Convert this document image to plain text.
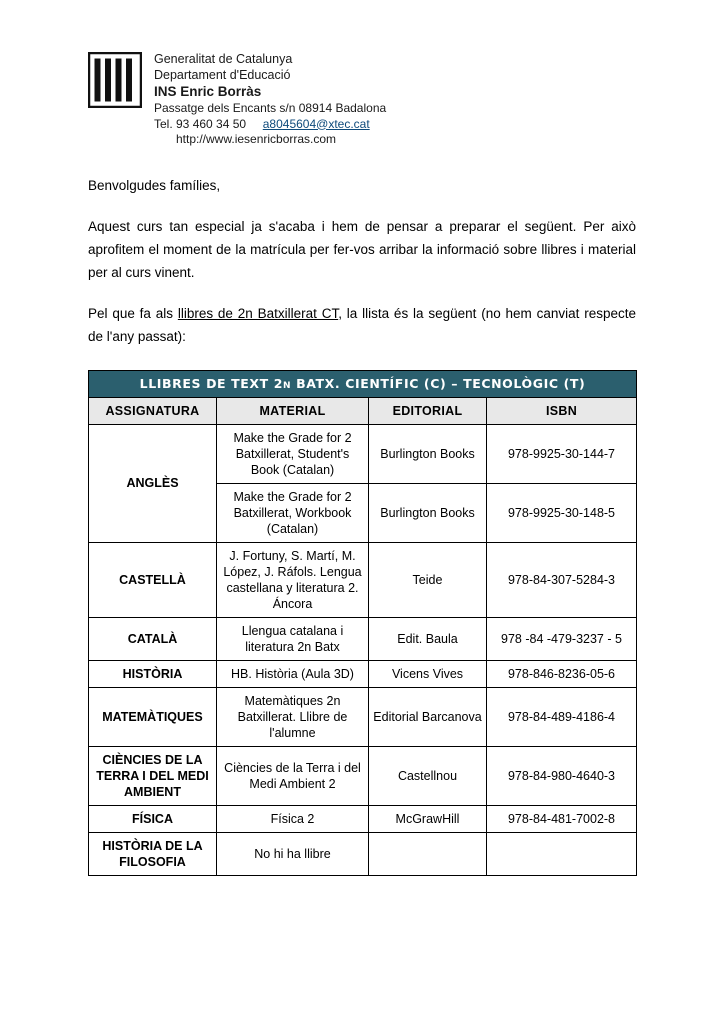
Generalitat de Catalunya
Departament d'Educació
INS Enric Borràs
Passatge dels Encants s/n 08914 Badalona
Tel. 93 460 34 50 a8045604@xtec.cat
http://www.iesenricborras.com

Benvolgudes famílies,

Aquest curs tan especial ja s'acaba i hem de pensar a preparar el següent. Per això aprofitem el moment de la matrícula per fer-vos arribar la informació sobre llibres i material per al curs vinent.

Pel que fa als llibres de 2n Batxillerat CT, la llista és la següent (no hem canviat respecte de l'any passat):

LLIBRES DE TEXT 2n BATX. CIENTÍFIC (C) – TECNOLÒGIC (T)			
ASSIGNATURA	MATERIAL	EDITORIAL	ISBN
ANGLÈS	Make the Grade for 2 Batxillerat, Student's Book (Catalan)	Burlington Books	978-9925-30-144-7
	Make the Grade for 2 Batxillerat, Workbook (Catalan)	Burlington Books	978-9925-30-148-5
CASTELLÀ	J. Fortuny, S. Martí, M. López, J. Ráfols. Lengua castellana y literatura 2. Áncora	Teide	978-84-307-5284-3
CATALÀ	Llengua catalana i literatura 2n Batx	Edit. Baula	978 -84 -479-3237 - 5
HISTÒRIA	HB. Història (Aula 3D)	Vicens Vives	978-846-8236-05-6
MATEMÀTIQUES	Matemàtiques 2n Batxillerat. Llibre de l'alumne	Editorial Barcanova	978-84-489-4186-4
CIÈNCIES DE LA TERRA I DEL MEDI AMBIENT	Ciències de la Terra i del Medi Ambient 2	Castellnou	978-84-980-4640-3
FÍSICA	Física 2	McGrawHill	978-84-481-7002-8
HISTÒRIA DE LA FILOSOFIA	No hi ha llibre		
